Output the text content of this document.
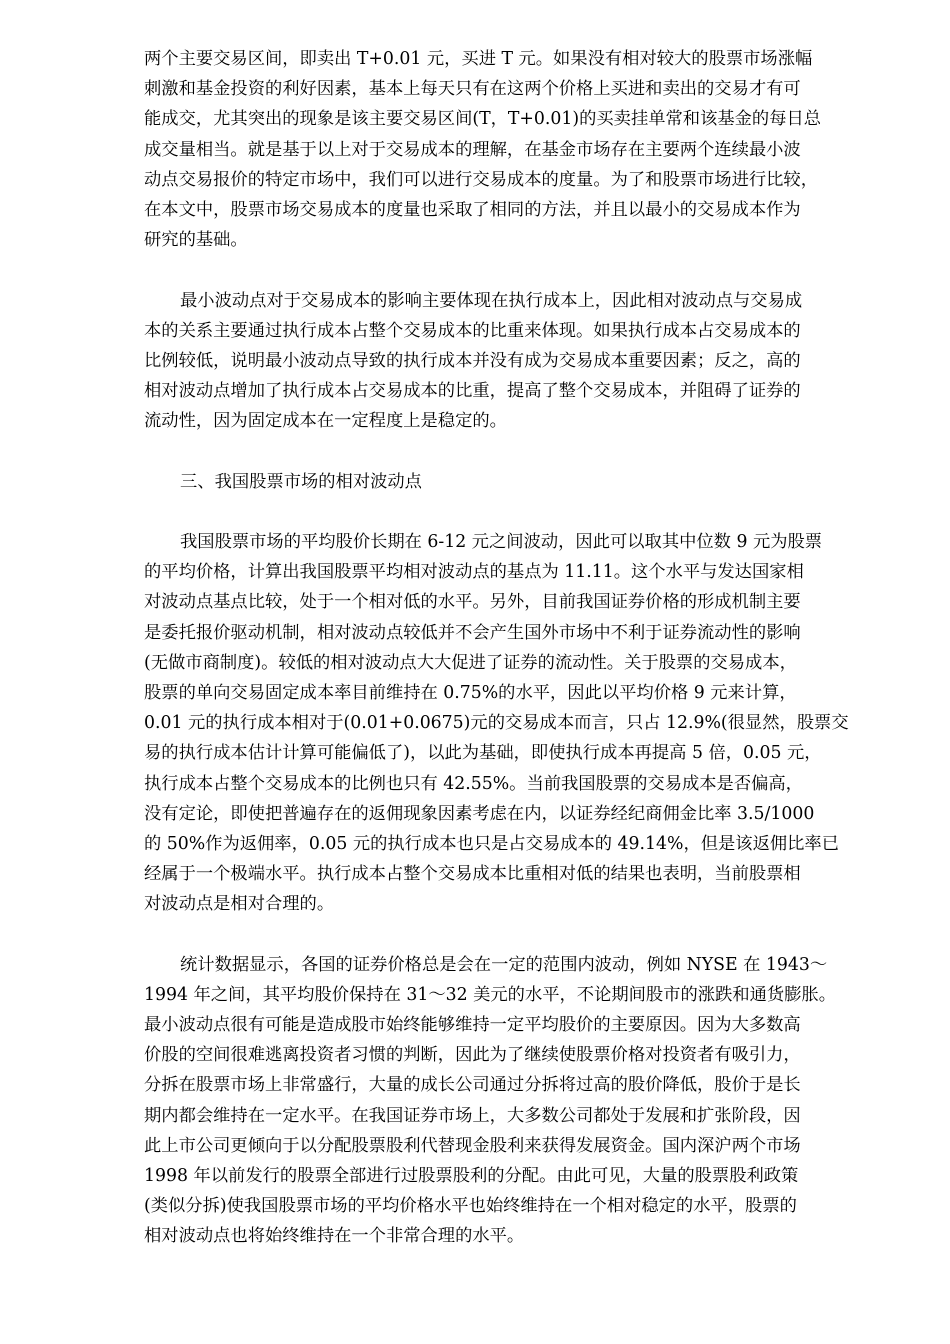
两个主要交易区间，即卖出 T+0.01 元，买进 T 元。如果没有相对较大的股票市场涨幅
刺激和基金投资的利好因素，基本上每天只有在这两个价格上买进和卖出的交易才有可
能成交，尤其突出的现象是该主要交易区间(T，T+0.01)的买卖挂单常和该基金的每日总
成交量相当。就是基于以上对于交易成本的理解，在基金市场存在主要两个连续最小波
动点交易报价的特定市场中，我们可以进行交易成本的度量。为了和股票市场进行比较，
在本文中，股票市场交易成本的度量也采取了相同的方法，并且以最小的交易成本作为
研究的基础。
最小波动点对于交易成本的影响主要体现在执行成本上，因此相对波动点与交易成
本的关系主要通过执行成本占整个交易成本的比重来体现。如果执行成本占交易成本的
比例较低，说明最小波动点导致的执行成本并没有成为交易成本重要因素；反之，高的
相对波动点增加了执行成本占交易成本的比重，提高了整个交易成本，并阻碍了证券的
流动性，因为固定成本在一定程度上是稳定的。
三、我国股票市场的相对波动点
我国股票市场的平均股价长期在 6-12 元之间波动，因此可以取其中位数 9 元为股票
的平均价格，计算出我国股票平均相对波动点的基点为 11.11。这个水平与发达国家相
对波动点基点比较，处于一个相对低的水平。另外，目前我国证券价格的形成机制主要
是委托报价驱动机制，相对波动点较低并不会产生国外市场中不利于证券流动性的影响
(无做市商制度)。较低的相对波动点大大促进了证券的流动性。关于股票的交易成本，
股票的单向交易固定成本率目前维持在 0.75%的水平，因此以平均价格 9 元来计算，
0.01 元的执行成本相对于(0.01+0.0675)元的交易成本而言，只占 12.9%(很显然，股票交
易的执行成本估计计算可能偏低了)，以此为基础，即使执行成本再提高 5 倍，0.05 元，
执行成本占整个交易成本的比例也只有 42.55%。当前我国股票的交易成本是否偏高，
没有定论，即使把普遍存在的返佣现象因素考虑在内，以证券经纪商佣金比率 3.5/1000
的 50%作为返佣率，0.05 元的执行成本也只是占交易成本的 49.14%，但是该返佣比率已
经属于一个极端水平。执行成本占整个交易成本比重相对低的结果也表明，当前股票相
对波动点是相对合理的。
统计数据显示，各国的证券价格总是会在一定的范围内波动，例如 NYSE 在 1943～
1994 年之间，其平均股价保持在 31～32 美元的水平，不论期间股市的涨跌和通货膨胀。
最小波动点很有可能是造成股市始终能够维持一定平均股价的主要原因。因为大多数高
价股的空间很难逃离投资者习惯的判断，因此为了继续使股票价格对投资者有吸引力，
分拆在股票市场上非常盛行，大量的成长公司通过分拆将过高的股价降低，股价于是长
期内都会维持在一定水平。在我国证券市场上，大多数公司都处于发展和扩张阶段，因
此上市公司更倾向于以分配股票股利代替现金股利来获得发展资金。国内深沪两个市场
1998 年以前发行的股票全部进行过股票股利的分配。由此可见，大量的股票股利政策
(类似分拆)使我国股票市场的平均价格水平也始终维持在一个相对稳定的水平，股票的
相对波动点也将始终维持在一个非常合理的水平。
